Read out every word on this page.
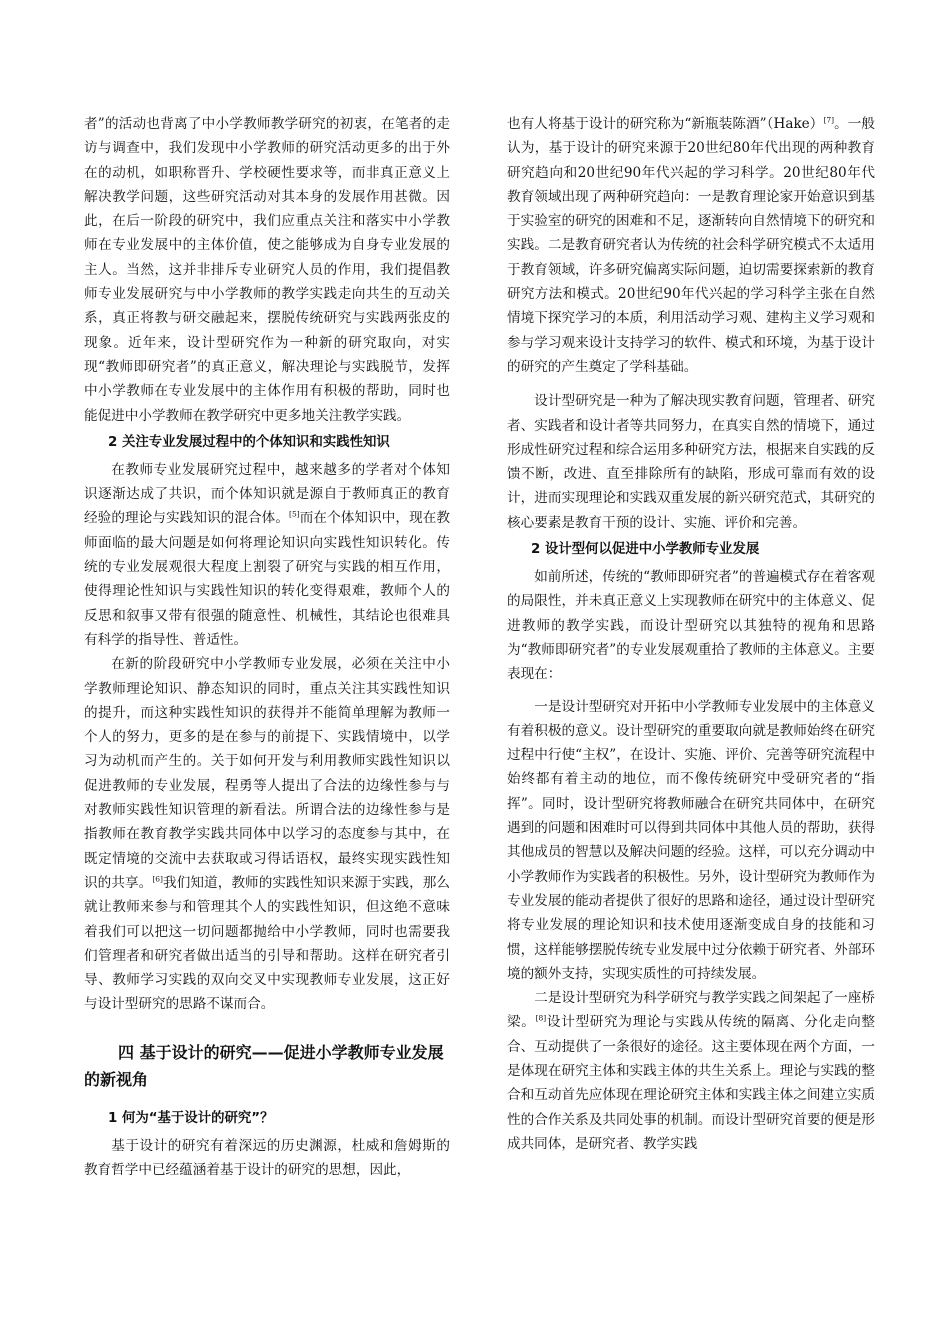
者”的活动也背离了中小学教师教学研究的初衷，在笔者的走访与调查中，我们发现中小学教师的研究活动更多的出于外在的动机，如职称晋升、学校硬性要求等，而非真正意义上解决教学问题，这些研究活动对其本身的发展作用甚微。因此，在后一阶段的研究中，我们应重点关注和落实中小学教师在专业发展中的主体价值，使之能够成为自身专业发展的主人。当然，这并非排斥专业研究人员的作用，我们提倡教师专业发展研究与中小学教师的教学实践走向共生的互动关系，真正将教与研交融起来，摆脱传统研究与实践两张皮的现象。近年来，设计型研究作为一种新的研究取向，对实现“教师即研究者”的真正意义，解决理论与实践脱节，发挥中小学教师在专业发展中的主体作用有积极的帮助，同时也能促进中小学教师在教学研究中更多地关注教学实践。

2 关注专业发展过程中的个体知识和实践性知识

在教师专业发展研究过程中，越来越多的学者对个体知识逐渐达成了共识，而个体知识就是源自于教师真正的教育经验的理论与实践知识的混合体。[5]而在个体知识中，现在教师面临的最大问题是如何将理论知识向实践性知识转化。传统的专业发展观很大程度上割裂了研究与实践的相互作用，使得理论性知识与实践性知识的转化变得艰难，教师个人的反思和叙事又带有很强的随意性、机械性，其结论也很难具有科学的指导性、普适性。

在新的阶段研究中小学教师专业发展，必须在关注中小学教师理论知识、静态知识的同时，重点关注其实践性知识的提升，而这种实践性知识的获得并不能简单理解为教师一个人的努力，更多的是在参与的前提下、实践情境中，以学习为动机而产生的。关于如何开发与利用教师实践性知识以促进教师的专业发展，程勇等人提出了合法的边缘性参与与对教师实践性知识管理的新看法。所谓合法的边缘性参与是指教师在教育教学实践共同体中以学习的态度参与其中，在既定情境的交流中去获取或习得话语权，最终实现实践性知识的共享。[6]我们知道，教师的实践性知识来源于实践，那么就让教师来参与和管理其个人的实践性知识，但这绝不意味着我们可以把这一切问题都抛给中小学教师，同时也需要我们管理者和研究者做出适当的引导和帮助。这样在研究者引导、教师学习实践的双向交叉中实现教师专业发展，这正好与设计型研究的思路不谋而合。

四 基于设计的研究——促进小学教师专业发展的新视角
1 何为“基于设计的研究”？

基于设计的研究有着深远的历史渊源，杜威和詹姆斯的教育哲学中已经蕴涵着基于设计的研究的思想，因此，

也有人将基于设计的研究称为“新瓶装陈酒”（Hake）[7]。一般认为，基于设计的研究来源于20世纪80年代出现的两种教育研究趋向和20世纪90年代兴起的学习科学。20世纪80年代教育领域出现了两种研究趋向：一是教育理论家开始意识到基于实验室的研究的困难和不足，逐渐转向自然情境下的研究和实践。二是教育研究者认为传统的社会科学研究模式不太适用于教育领域，许多研究偏离实际问题，迫切需要探索新的教育研究方法和模式。20世纪90年代兴起的学习科学主张在自然情境下探究学习的本质，利用活动学习观、建构主义学习观和参与学习观来设计支持学习的软件、模式和环境，为基于设计的研究的产生奠定了学科基础。

设计型研究是一种为了解决现实教育问题，管理者、研究者、实践者和设计者等共同努力，在真实自然的情境下，通过形成性研究过程和综合运用多种研究方法，根据来自实践的反馈不断，改进、直至排除所有的缺陷，形成可靠而有效的设计，进而实现理论和实践双重发展的新兴研究范式，其研究的核心要素是教育干预的设计、实施、评价和完善。

2 设计型何以促进中小学教师专业发展

如前所述，传统的“教师即研究者”的普遍模式存在着客观的局限性，并未真正意义上实现教师在研究中的主体意义、促进教师的教学实践，而设计型研究以其独特的视角和思路为“教师即研究者”的专业发展观重拾了教师的主体意义。主要表现在：

一是设计型研究对开拓中小学教师专业发展中的主体意义有着积极的意义。设计型研究的重要取向就是教师始终在研究过程中行使“主权”，在设计、实施、评价、完善等研究流程中始终都有着主动的地位，而不像传统研究中受研究者的“指挥”。同时，设计型研究将教师融合在研究共同体中，在研究遇到的问题和困难时可以得到共同体中其他人员的帮助，获得其他成员的智慧以及解决问题的经验。这样，可以充分调动中小学教师作为实践者的积极性。另外，设计型研究为教师作为专业发展的能动者提供了很好的思路和途径，通过设计型研究将专业发展的理论知识和技术使用逐渐变成自身的技能和习惯，这样能够摆脱传统专业发展中过分依赖于研究者、外部环境的额外支持，实现实质性的可持续发展。

二是设计型研究为科学研究与教学实践之间架起了一座桥梁。[8]设计型研究为理论与实践从传统的隔离、分化走向整合、互动提供了一条很好的途径。这主要体现在两个方面，一是体现在研究主体和实践主体的共生关系上。理论与实践的整合和互动首先应体现在理论研究主体和实践主体之间建立实质性的合作关系及共同处事的机制。而设计型研究首要的便是形成共同体，是研究者、教学实践
